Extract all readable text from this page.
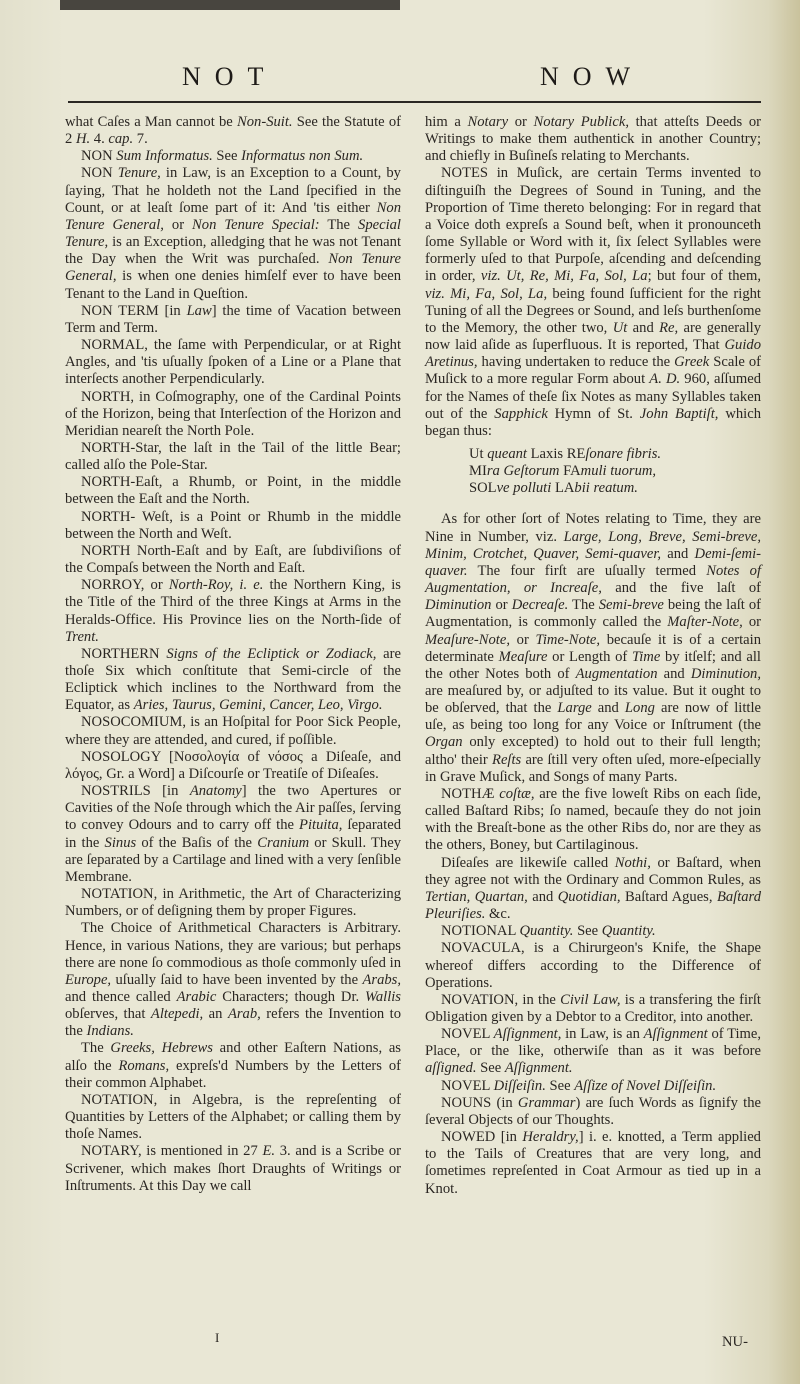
NOT	NOW

what Caſes a Man cannot be Non-Suit. See the Statute of 2 H. 4. cap. 7.

NON Sum Informatus. See Informatus non Sum.

NON Tenure, in Law, is an Exception to a Count, by ſaying, That he holdeth not the Land ſpecified in the Count, or at leaſt ſome part of it: And 'tis either Non Tenure General, or Non Tenure Special: The Special Tenure, is an Exception, alledging that he was not Tenant the Day when the Writ was purchaſed. Non Tenure General, is when one denies himſelf ever to have been Tenant to the Land in Queſtion.

NON TERM [in Law] the time of Vacation between Term and Term.

NORMAL, the ſame with Perpendicular, or at Right Angles, and 'tis uſually ſpoken of a Line or a Plane that interſects another Perpendicularly.

NORTH, in Coſmography, one of the Cardinal Points of the Horizon, being that Interſection of the Horizon and Meridian neareſt the North Pole.

NORTH-Star, the laſt in the Tail of the little Bear; called alſo the Pole-Star.

NORTH-Eaſt, a Rhumb, or Point, in the middle between the Eaſt and the North.

NORTH- Weſt, is a Point or Rhumb in the middle between the North and Weſt.

NORTH North-Eaſt and by Eaſt, are ſubdiviſions of the Compaſs between the North and Eaſt.

NORROY, or North-Roy, i. e. the Northern King, is the Title of the Third of the three Kings at Arms in the Heralds-Office. His Province lies on the North-ſide of Trent.

NORTHERN Signs of the Ecliptick or Zodiack, are thoſe Six which conſtitute that Semi-circle of the Ecliptick which inclines to the Northward from the Equator, as Aries, Taurus, Gemini, Cancer, Leo, Virgo.

NOSOCOMIUM, is an Hoſpital for Poor Sick People, where they are attended, and cured, if poſſible.

NOSOLOGY [Νοσολογία of νόσος a Diſeaſe, and λόγος, Gr. a Word] a Diſcourſe or Treatiſe of Diſeaſes.

NOSTRILS [in Anatomy] the two Apertures or Cavities of the Noſe through which the Air paſſes, ſerving to convey Odours and to carry off the Pituita, ſeparated in the Sinus of the Baſis of the Cranium or Skull. They are ſeparated by a Cartilage and lined with a very ſenſible Membrane.

NOTATION, in Arithmetic, the Art of Characterizing Numbers, or of deſigning them by proper Figures.

The Choice of Arithmetical Characters is Arbitrary. Hence, in various Nations, they are various; but perhaps there are none ſo commodious as thoſe commonly uſed in Europe, uſually ſaid to have been invented by the Arabs, and thence called Arabic Characters; though Dr. Wallis obſerves, that Altepedi, an Arab, refers the Invention to the Indians.

The Greeks, Hebrews and other Eaſtern Nations, as alſo the Romans, expreſs'd Numbers by the Letters of their common Alphabet.

NOTATION, in Algebra, is the repreſenting of Quantities by Letters of the Alphabet; or calling them by thoſe Names.

NOTARY, is mentioned in 27 E. 3. and is a Scribe or Scrivener, which makes ſhort Draughts of Writings or Inſtruments. At this Day we call

him a Notary or Notary Publick, that atteſts Deeds or Writings to make them authentick in another Country; and chiefly in Buſineſs relating to Merchants.

NOTES in Muſick, are certain Terms invented to diſtinguiſh the Degrees of Sound in Tuning, and the Proportion of Time thereto belonging: For in regard that a Voice doth expreſs a Sound beſt, when it pronounceth ſome Syllable or Word with it, ſix ſelect Syllables were formerly uſed to that Purpoſe, aſcending and deſcending in order, viz. Ut, Re, Mi, Fa, Sol, La; but four of them, viz. Mi, Fa, Sol, La, being found ſufficient for the right Tuning of all the Degrees or Sound, and leſs burthenſome to the Memory, the other two, Ut and Re, are generally now laid aſide as ſuperfluous. It is reported, That Guido Aretinus, having undertaken to reduce the Greek Scale of Muſick to a more regular Form about A. D. 960, aſſumed for the Names of theſe ſix Notes as many Syllables taken out of the Sapphick Hymn of St. John Baptiſt, which began thus:

Ut queant Laxis REſonare fibris.

MIra Geſtorum FAmuli tuorum,

SOLve polluti LAbii reatum.

As for other ſort of Notes relating to Time, they are Nine in Number, viz. Large, Long, Breve, Semi-breve, Minim, Crotchet, Quaver, Semi-quaver, and Demi-ſemi-quaver. The four firſt are uſually termed Notes of Augmentation, or Increaſe, and the five laſt of Diminution or Decreaſe. The Semi-breve being the laſt of Augmentation, is commonly called the Maſter-Note, or Meaſure-Note, or Time-Note, becauſe it is of a certain determinate Meaſure or Length of Time by itſelf; and all the other Notes both of Augmentation and Diminution, are meaſured by, or adjuſted to its value. But it ought to be obſerved, that the Large and Long are now of little uſe, as being too long for any Voice or Inſtrument (the Organ only excepted) to hold out to their full length; altho' their Reſts are ſtill very often uſed, more-eſpecially in Grave Muſick, and Songs of many Parts.

NOTHÆ coſtæ, are the five loweſt Ribs on each ſide, called Baſtard Ribs; ſo named, becauſe they do not join with the Breaſt-bone as the other Ribs do, nor are they as the others, Boney, but Cartilaginous.

Diſeaſes are likewiſe called Nothi, or Baſtard, when they agree not with the Ordinary and Common Rules, as Tertian, Quartan, and Quotidian, Baſtard Agues, Baſtard Pleuriſies. &c.

NOTIONAL Quantity. See Quantity.

NOVACULA, is a Chirurgeon's Knife, the Shape whereof differs according to the Difference of Operations.

NOVATION, in the Civil Law, is a transfering the firſt Obligation given by a Debtor to a Creditor, into another.

NOVEL Aſſignment, in Law, is an Aſſignment of Time, Place, or the like, otherwiſe than as it was before aſſigned. See Aſſignment.

NOVEL Diſſeiſin. See Aſſize of Novel Diſſeiſin.

NOUNS (in Grammar) are ſuch Words as ſignify the ſeveral Objects of our Thoughts.

NOWED [in Heraldry,] i. e. knotted, a Term applied to the Tails of Creatures that are very long, and ſometimes repreſented in Coat Armour as tied up in a Knot.

I	NU-
